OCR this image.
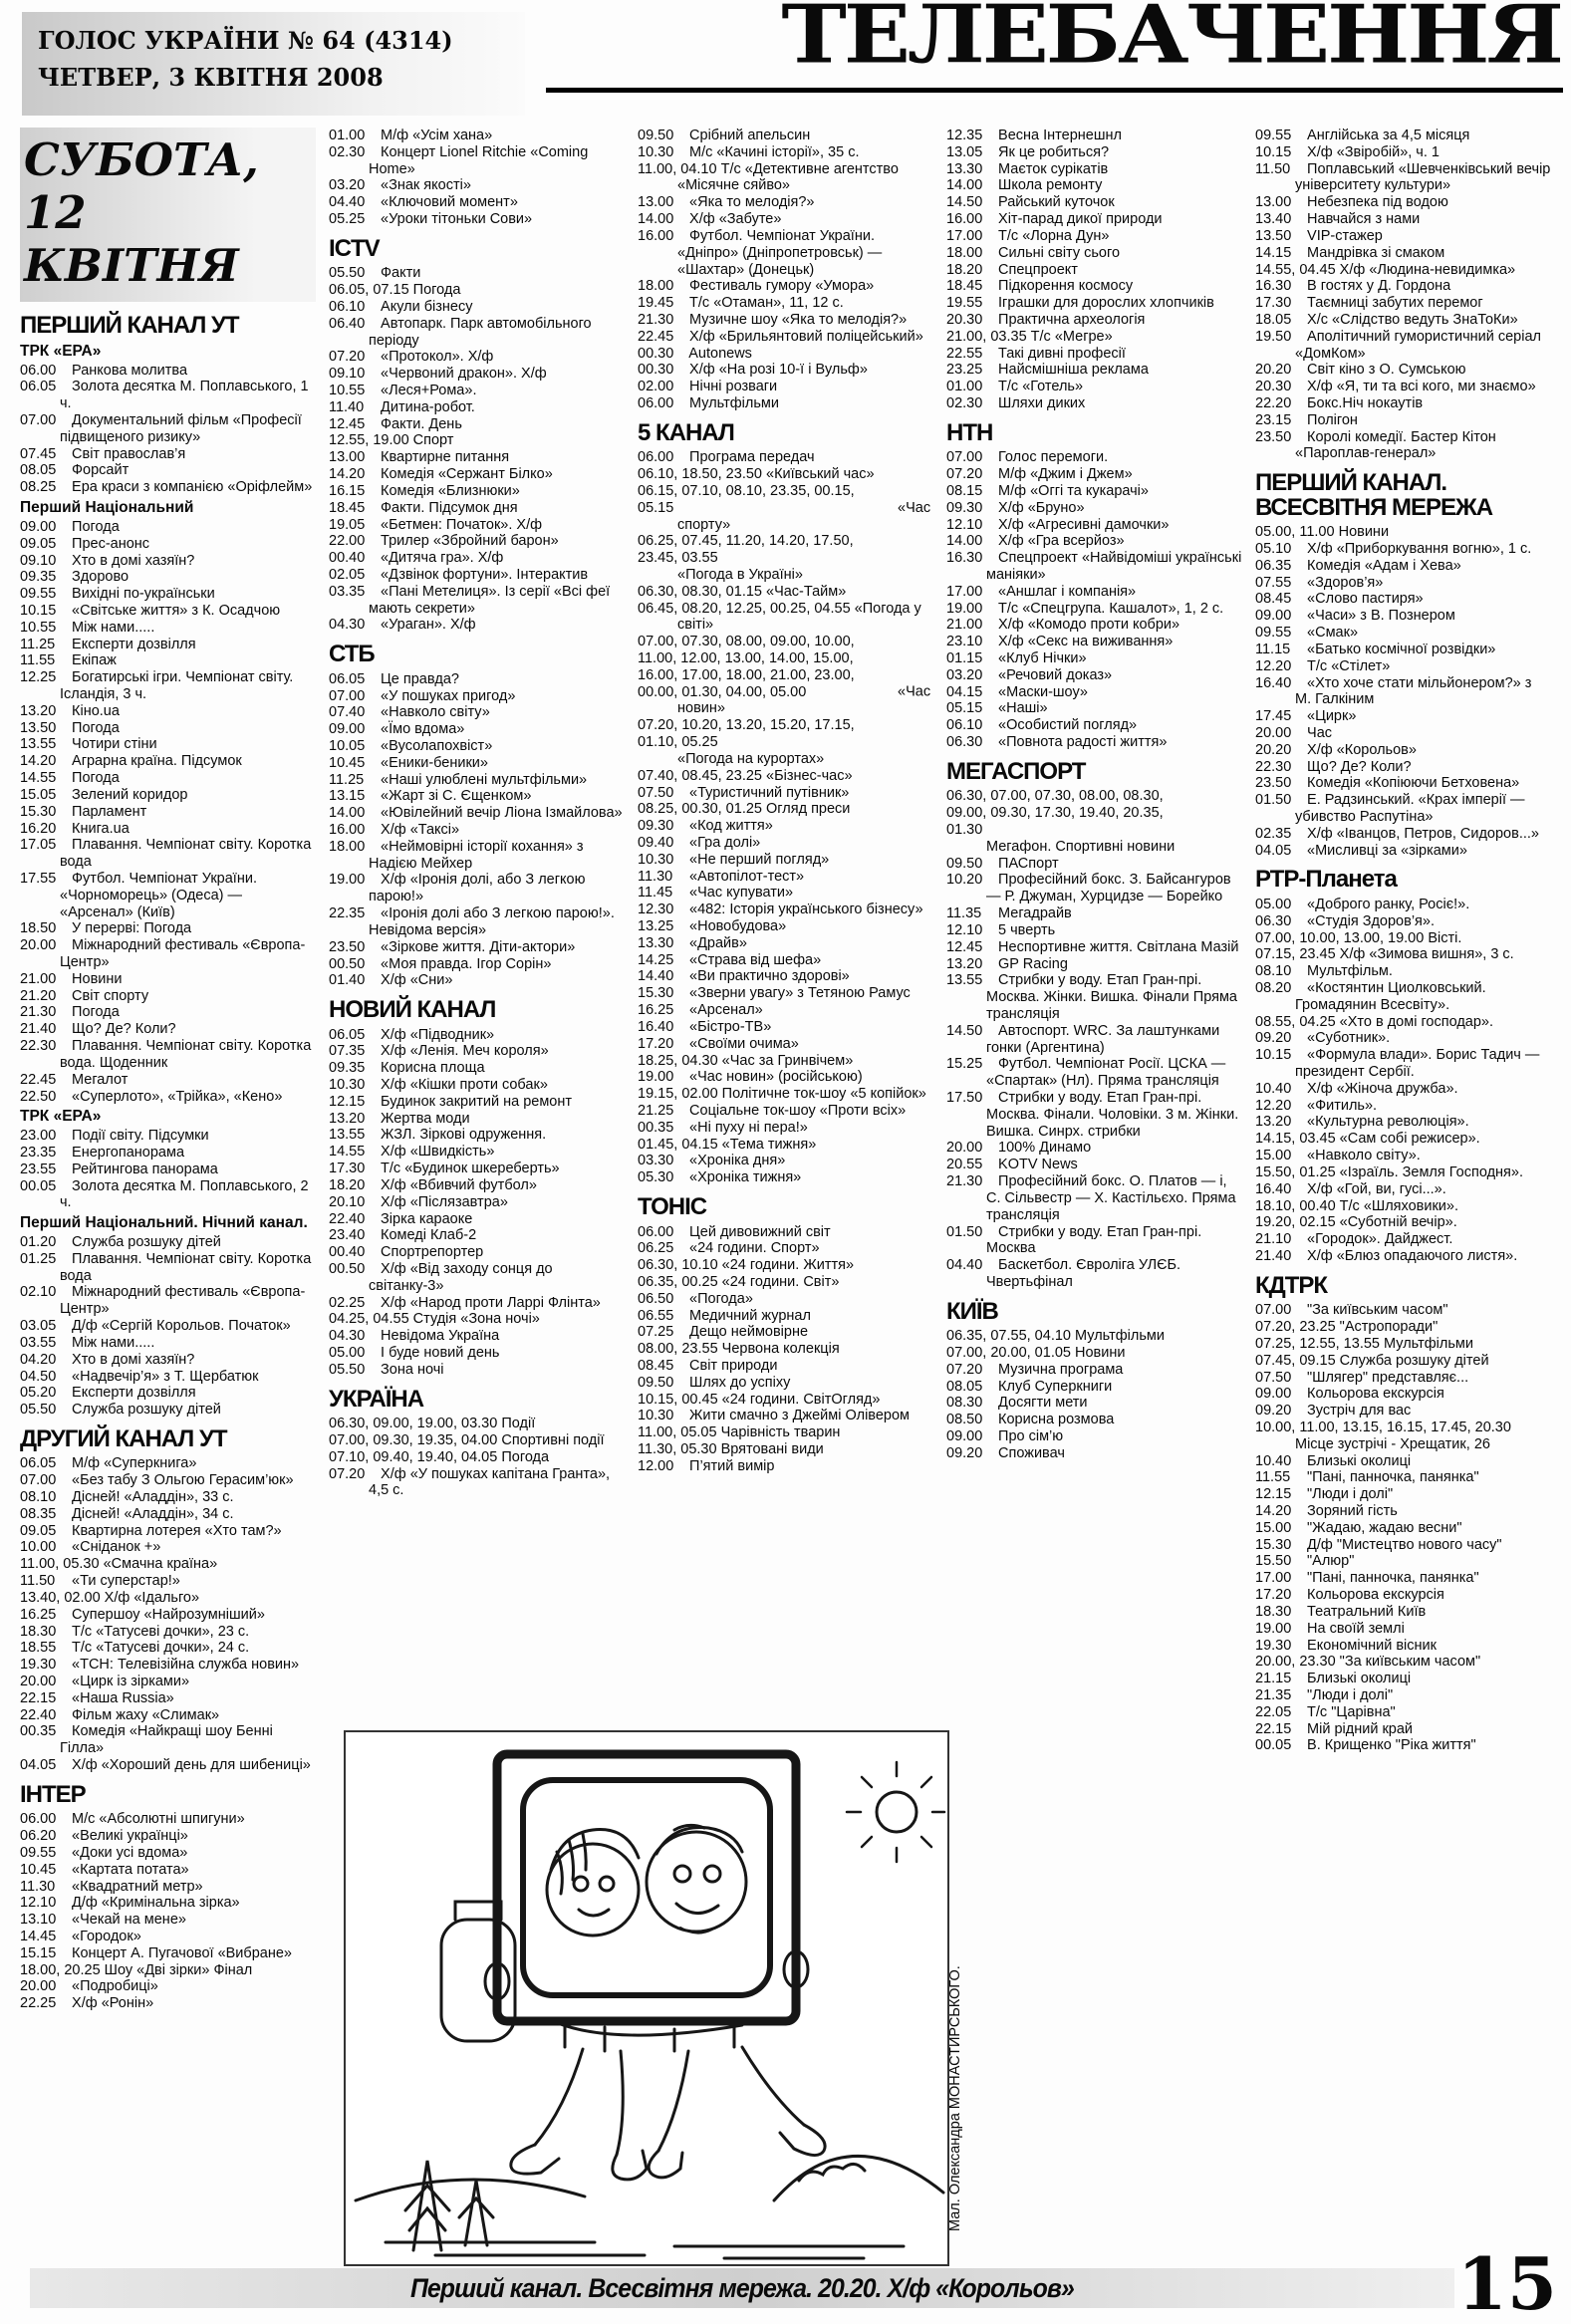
ГОЛОС УКРАЇНИ № 64 (4314)
ЧЕТВЕР, 3 КВІТНЯ 2008	ТЕЛЕБАЧЕННЯ
СУБОТА,
12 КВІТНЯ
ПЕРШИЙ КАНАЛ УТ
ТРК «ЕРА»
06.00 Ранкова молитва
06.05 Золота десятка М. Поплавського, 1 ч.
07.00 Документальний фільм «Професії підвищеного ризику»
07.45 Світ православ’я
08.05 Форсайт
08.25 Ера краси з компанією «Оріфлейм»
Перший Національний
09.00 Погода
09.05 Прес-анонс
09.10 Хто в домі хазяїн?
09.35 Здорово
09.55 Вихідні по-українськи
10.15 «Світське життя» з К. Осадчою
10.55 Між нами.....
11.25 Експерти дозвілля
11.55 Екіпаж
12.25 Богатирські ігри. Чемпіонат світу. Ісландія, 3 ч.
13.20 Кіно.ua
13.50 Погода
13.55 Чотири стіни
14.20 Аграрна країна. Підсумок
14.55 Погода
15.05 Зелений коридор
15.30 Парламент
16.20 Книга.ua
17.05 Плавання. Чемпіонат світу. Коротка вода
17.55 Футбол. Чемпіонат України. «Чорноморець» (Одеса) — «Арсенал» (Київ)
18.50 У перерві: Погода
20.00 Міжнародний фестиваль «Європа-Центр»
21.00 Новини
21.20 Світ спорту
21.30 Погода
21.40 Що? Де? Коли?
22.30 Плавання. Чемпіонат світу. Коротка вода. Щоденник
22.45 Мегалот
22.50 «Суперлото», «Трійка», «Кено»
ТРК «ЕРА»
23.00 Події світу. Підсумки
23.35 Енергопанорама
23.55 Рейтингова панорама
00.05 Золота десятка М. Поплавського, 2 ч.
Перший Національний. Нічний канал.
01.20 Служба розшуку дітей
01.25 Плавання. Чемпіонат світу. Коротка вода
02.10 Міжнародний фестиваль «Європа-Центр»
03.05 Д/ф «Сергій Корольов. Початок»
03.55 Між нами.....
04.20 Хто в домі хазяїн?
04.50 «Надвечір’я» з Т. Щербатюк
05.20 Експерти дозвілля
05.50 Служба розшуку дітей
ДРУГИЙ КАНАЛ УТ
06.05 М/ф «Суперкнига»
07.00 «Без табу З Ольгою Герасим’юк»
08.10 Дісней! «Аладдін», 33 с.
08.35 Дісней! «Аладдін», 34 с.
09.05 Квартирна лотерея «Хто там?»
10.00 «Сніданок +»
11.00, 05.30 «Смачна країна»
11.50 «Ти суперстар!»
13.40, 02.00 Х/ф «Ідальго»
16.25 Супершоу «Найрозумніший»
18.30 Т/с «Татусеві дочки», 23 с.
18.55 Т/с «Татусеві дочки», 24 с.
19.30 «ТСН: Телевізійна служба новин»
20.00 «Цирк із зірками»
22.15 «Наша Russia»
22.40 Фільм жаху «Слимак»
00.35 Комедія «Найкращі шоу Бенні Гілла»
04.05 Х/ф «Хороший день для шибениці»
ІНТЕР
06.00 М/с «Абсолютні шпигуни»
06.20 «Великі українці»
09.55 «Доки усі вдома»
10.45 «Картата потата»
11.30 «Квадратний метр»
12.10 Д/ф «Кримінальна зірка»
13.10 «Чекай на мене»
14.45 «Городок»
15.15 Концерт А. Пугачової «Вибране»
18.00, 20.25 Шоу «Дві зірки» Фінал
20.00 «Подробиці»
22.25 Х/ф «Ронін»
01.00 М/ф «Усім хана»
02.30 Концерт Lionel Ritchie «Coming Home»
03.20 «Знак якості»
04.40 «Ключовий момент»
05.25 «Уроки тітоньки Сови»
ICTV
05.50 Факти
06.05, 07.15 Погода
06.10 Акули бізнесу
06.40 Автопарк. Парк автомобільного періоду
07.20 «Протокол». Х/ф
09.10 «Червоний дракон». Х/ф
10.55 «Леся+Рома».
11.40 Дитина-робот.
12.45 Факти. День
12.55, 19.00 Спорт
13.00 Квартирне питання
14.20 Комедія «Сержант Білко»
16.15 Комедія «Близнюки»
18.45 Факти. Підсумок дня
19.05 «Бетмен: Початок». Х/ф
22.00 Трилер «Збройний барон»
00.40 «Дитяча гра». Х/ф
02.05 «Дзвінок фортуни». Інтерактив
03.35 «Пані Метелиця». Із серії «Всі феї мають секрети»
04.30 «Ураган». Х/ф
СТБ
06.05 Це правда?
07.00 «У пошуках пригод»
07.40 «Навколо світу»
09.00 «Їмо вдома»
10.05 «Вусолапохвіст»
10.45 «Еники-беники»
11.25 «Наші улюблені мультфільми»
13.15 «Жарт зі С. Єщенком»
14.00 «Ювілейний вечір Ліона Ізмайлова»
16.00 Х/ф «Таксі»
18.00 «Неймовірні історії кохання» з Надією Мейхер
19.00 Х/ф «Іронія долі, або З легкою парою!»
22.35 «Іронія долі або З легкою парою!». Невідома версія»
23.50 «Зіркове життя. Діти-актори»
00.50 «Моя правда. Ігор Сорін»
01.40 Х/ф «Сни»
НОВИЙ КАНАЛ
06.05 Х/ф «Підводник»
07.35 Х/ф «Ленія. Меч короля»
09.35 Корисна площа
10.30 Х/ф «Кішки проти собак»
12.15 Будинок закритий на ремонт
13.20 Жертва моди
13.55 ЖЗЛ. Зіркові одруження.
14.55 Х/ф «Швидкість»
17.30 Т/с «Будинок шкереберть»
18.20 Х/ф «Вбивчий футбол»
20.10 Х/ф «Післязавтра»
22.40 Зірка караоке
23.40 Комеді Клаб-2
00.40 Спортрепортер
00.50 Х/ф «Від заходу сонця до світанку-3»
02.25 Х/ф «Народ проти Ларрі Флінта»
04.25, 04.55 Студія «Зона ночі»
04.30 Невідома Україна
05.00 І буде новий день
05.50 Зона ночі
УКРАЇНА
06.30, 09.00, 19.00, 03.30 Події
07.00, 09.30, 19.35, 04.00 Спортивні події
07.10, 09.40, 19.40, 04.05 Погода
07.20 Х/ф «У пошуках капітана Гранта», 4,5 с.
09.50 Срібний апельсин
10.30 М/с «Качині історії», 35 с.
11.00, 04.10 Т/с «Детективне агентство «Місячне сяйво»
13.00 «Яка то мелодія?»
14.00 Х/ф «Забуте»
16.00 Футбол. Чемпіонат України. «Дніпро» (Дніпропетровськ) — «Шахтар» (Донецьк)
18.00 Фестиваль гумору «Умора»
19.45 Т/с «Отаман», 11, 12 с.
21.30 Музичне шоу «Яка то мелодія?»
22.45 Х/ф «Брильянтовий поліцейський»
00.30 Autonews
00.30 Х/ф «На розі 10-ї і Вульф»
02.00 Нічні розваги
06.00 Мультфільми
5 КАНАЛ
06.00 Програма передач
06.10, 18.50, 23.50 «Київський час»
06.15, 07.10, 08.10, 23.35, 00.15, 05.15	«Час спорту»
06.25, 07.45, 11.20, 14.20, 17.50, 23.45, 03.55 «Погода в Україні»
06.30, 08.30, 01.15 «Час-Тайм»
06.45, 08.20, 12.25, 00.25, 04.55 «Погода у світі»
07.00, 07.30, 08.00, 09.00, 10.00, 11.00, 12.00, 13.00, 14.00, 15.00, 16.00, 17.00, 18.00, 21.00, 23.00, 00.00, 01.30, 04.00, 05.00	«Час новин»
07.20, 10.20, 13.20, 15.20, 17.15, 01.10, 05.25 «Погода на курортах»
07.40, 08.45, 23.25 «Бізнес-час»
07.50 «Туристичний путівник»
08.25, 00.30, 01.25 Огляд преси
09.30 «Код життя»
09.40 «Гра долі»
10.30 «Не перший погляд»
11.30 «Автопілот-тест»
11.45 «Час купувати»
12.30 «482: Історія українського бізнесу»
13.25 «Новобудова»
13.30 «Драйв»
14.25 «Страва від шефа»
14.40 «Ви практично здорові»
15.30 «Зверни увагу» з Тетяною Рамус
16.25 «Арсенал»
16.40 «Бістро-ТВ»
17.20 «Своїми очима»
18.25, 04.30 «Час за Гринвічем»
19.00 «Час новин» (російською)
19.15, 02.00 Політичне ток-шоу «5 копійок»
21.25 Соціальне ток-шоу «Проти всіх»
00.35 «Ні пуху ні пера!»
01.45, 04.15 «Тема тижня»
03.30 «Хроніка дня»
05.30 «Хроніка тижня»
ТОНІС
06.00 Цей дивовижний світ
06.25 «24 години. Спорт»
06.30, 10.10 «24 години. Життя»
06.35, 00.25 «24 години. Світ»
06.50 «Погода»
06.55 Медичний журнал
07.25 Дещо неймовірне
08.00, 23.55 Червона колекція
08.45 Світ природи
09.50 Шлях до успіху
10.15, 00.45 «24 години. СвітОгляд»
10.30 Жити смачно з Джеймі Олівером
11.00, 05.05 Чарівність тварин
11.30, 05.30 Врятовані види
12.00 П’ятий вимір
12.35 Весна Інтернешнл
13.05 Як це робиться?
13.30 Маєток сурікатів
14.00 Школа ремонту
14.50 Райський куточок
16.00 Хіт-парад дикої природи
17.00 Т/с «Лорна Дун»
18.00 Сильні світу сього
18.20 Спецпроект
18.45 Підкорення космосу
19.55 Іграшки для дорослих хлопчиків
20.30 Практична археологія
21.00, 03.35 Т/с «Мегре»
22.55 Такі дивні професії
23.25 Найсмішніша реклама
01.00 Т/с «Готель»
02.30 Шляхи диких
НТН
07.00 Голос перемоги.
07.20 М/ф «Джим і Джем»
08.15 М/ф «Оггі та кукарачі»
09.30 Х/ф «Бруно»
12.10 Х/ф «Агресивні дамочки»
14.00 Х/ф «Гра всерйоз»
16.30 Спецпроект «Найвідоміші українські маніяки»
17.00 «Аншлаг і компанія»
19.00 Т/с «Спецгрупа. Кашалот», 1, 2 с.
21.00 Х/ф «Комодо проти кобри»
23.10 Х/ф «Секс на виживання»
01.15 «Клуб Нічки»
03.20 «Речовий доказ»
04.15 «Маски-шоу»
05.15 «Наші»
06.10 «Особистий погляд»
06.30 «Повнота радості життя»
МЕГАСПОРТ
06.30, 07.00, 07.30, 08.00, 08.30, 09.00, 09.30, 17.30, 19.40, 20.35, 01.30 Мегафон. Спортивні новини
09.50 ПАСпорт
10.20 Професійний бокс. З. Байсангуров — Р. Джуман, Хурцидзе — Борейко
11.35 Мегадрайв
12.10 5 чверть
12.45 Неспортивне життя. Світлана Мазій
13.20 GP Racing
13.55 Стрибки у воду. Етап Гран-прі. Москва. Жінки. Вишка. Фінали Пряма трансляція
14.50 Автоспорт. WRC. За лаштунками гонки (Аргентина)
15.25 Футбол. Чемпіонат Росії. ЦСКА — «Спартак» (Нл). Пряма трансляція
17.50 Стрибки у воду. Етап Гран-прі. Москва. Фінали. Чоловіки. 3 м. Жінки. Вишка. Синрх. стрибки
20.00 100% Динамо
20.55 KOTV News
21.30 Професійний бокс. О. Платов — і, С. Сільвестр — Х. Кастільєхо. Пряма трансляція
01.50 Стрибки у воду. Етап Гран-прі. Москва
04.40 Баскетбол. Євроліга УЛЄБ. Чвертьфінал
КИЇВ
06.35, 07.55, 04.10 Мультфільми
07.00, 20.00, 01.05 Новини
07.20 Музична програма
08.05 Клуб Суперкниги
08.30 Досягти мети
08.50 Корисна розмова
09.00 Про сім’ю
09.20 Споживач
09.55 Англійська за 4,5 місяця
10.15 Х/ф «Звіробій», ч. 1
11.50 Поплавський «Шевченківський вечір університету культури»
13.00 Небезпека під водою
13.40 Навчайся з нами
13.50 VIP-стажер
14.15 Мандрівка зі смаком
14.55, 04.45 Х/ф «Людина-невидимка»
16.30 В гостях у Д. Гордона
17.30 Таємниці забутих перемог
18.05 Х/с «Слідство ведуть ЗнаТоКи»
19.50 Аполітичний гумористичний серіал «ДомКом»
20.20 Світ кіно з О. Сумською
20.30 Х/ф «Я, ти та всі кого, ми знаємо»
22.20 Бокс.Ніч нокаутів
23.15 Полігон
23.50 Королі комедії. Бастер Кітон «Пароплав-генерал»
ПЕРШИЙ КАНАЛ. ВСЕСВІТНЯ МЕРЕЖА
05.00, 11.00 Новини
05.10 Х/ф «Приборкування вогню», 1 с.
06.35 Комедія «Адам і Хева»
07.55 «Здоров’я»
08.45 «Слово пастиря»
09.00 «Часи» з В. Познером
09.55 «Смак»
11.15 «Батько космічної розвідки»
12.20 Т/с «Стілет»
16.40 «Хто хоче стати мільйонером?» з М. Галкіним
17.45 «Цирк»
20.00 Час
20.20 Х/ф «Корольов»
22.30 Що? Де? Коли?
23.50 Комедія «Копіюючи Бетховена»
01.50 Е. Радзинський. «Крах імперії — убивство Распутіна»
02.35 Х/ф «Іванцов, Петров, Сидоров...»
04.05 «Мисливці за «зірками»
РТР-Планета
05.00 «Доброго ранку, Росіє!».
06.30 «Студія Здоров’я».
07.00, 10.00, 13.00, 19.00 Вісті.
07.15, 23.45 Х/ф «Зимова вишня», 3 с.
08.10 Мультфільм.
08.20 «Костянтин Циолковський. Громадянин Всесвіту».
08.55, 04.25 «Хто в домі господар».
09.20 «Суботник».
10.15 «Формула влади». Борис Тадич — президент Сербії.
10.40 Х/ф «Жіноча дружба».
12.20 «Фитиль».
13.20 «Культурна революція».
14.15, 03.45 «Сам собі режисер».
15.00 «Навколо світу».
15.50, 01.25 «Ізраїль. Земля Господня».
16.40 Х/ф «Гой, ви, гусі...».
18.10, 00.40 Т/с «Шляховики».
19.20, 02.15 «Суботній вечір».
21.10 «Городок». Дайджест.
21.40 Х/ф «Блюз опадаючого листя».
КДТРК
07.00 "За київським часом"
07.20, 23.25 "Астропоради"
07.25, 12.55, 13.55 Мультфільми
07.45, 09.15 Служба розшуку дітей
07.50 "Шлягер" представляє...
09.00 Кольорова екскурсія
09.20 Зустріч для вас
10.00, 11.00, 13.15, 16.15, 17.45, 20.30 Місце зустрічі - Хрещатик, 26
10.40 Близькі околиці
11.55 "Пані, панночка, панянка"
12.15 "Люди і долі"
14.20 Зоряний гість
15.00 "Жадаю, жадаю весни"
15.30 Д/ф "Мистецтво нового часу"
15.50 "Алюр"
17.00 "Пані, панночка, панянка"
17.20 Кольорова екскурсія
18.30 Театральний Київ
19.00 На своїй землі
19.30 Економічний вісник
20.00, 23.30 "За київським часом"
21.15 Близькі околиці
21.35 "Люди і долі"
22.05 Т/с "Царівна"
22.15 Мій рідний край
00.05 В. Крищенко "Ріка життя"
Мал. Олександра МОНАСТИРСЬКОГО.
Перший канал. Всесвітня мережа. 20.20. Х/ф «Корольов»	15
